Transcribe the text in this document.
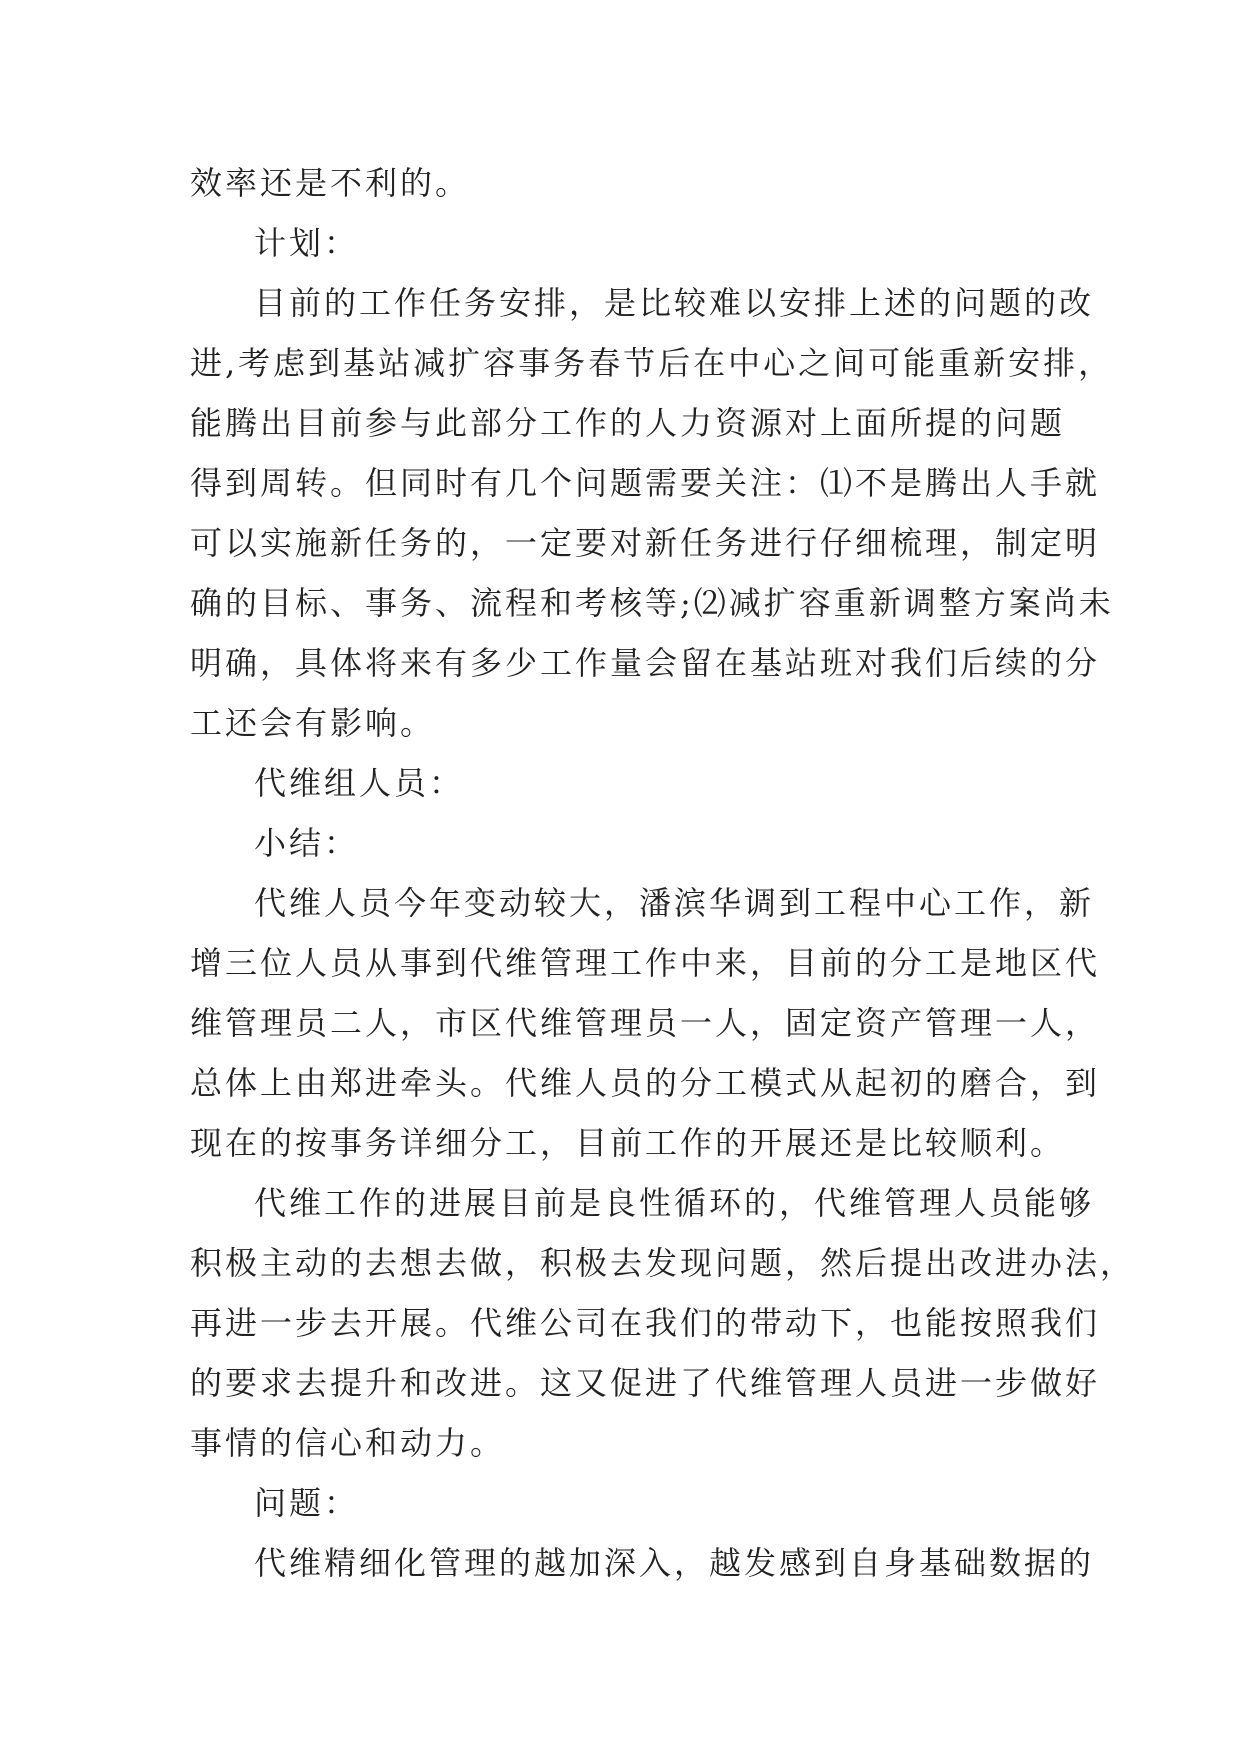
效率还是不利的。
计划：
目前的工作任务安排，是比较难以安排上述的问题的改
进,考虑到基站减扩容事务春节后在中心之间可能重新安排，
能腾出目前参与此部分工作的人力资源对上面所提的问题
得到周转。但同时有几个问题需要关注：⑴不是腾出人手就
可以实施新任务的，一定要对新任务进行仔细梳理，制定明
确的目标、事务、流程和考核等;⑵减扩容重新调整方案尚未
明确，具体将来有多少工作量会留在基站班对我们后续的分
工还会有影响。
代维组人员：
小结：
代维人员今年变动较大，潘滨华调到工程中心工作，新
增三位人员从事到代维管理工作中来，目前的分工是地区代
维管理员二人，市区代维管理员一人，固定资产管理一人，
总体上由郑进牵头。代维人员的分工模式从起初的磨合，到
现在的按事务详细分工，目前工作的开展还是比较顺利。
代维工作的进展目前是良性循环的，代维管理人员能够
积极主动的去想去做，积极去发现问题，然后提出改进办法，
再进一步去开展。代维公司在我们的带动下，也能按照我们
的要求去提升和改进。这又促进了代维管理人员进一步做好
事情的信心和动力。
问题：
代维精细化管理的越加深入，越发感到自身基础数据的
